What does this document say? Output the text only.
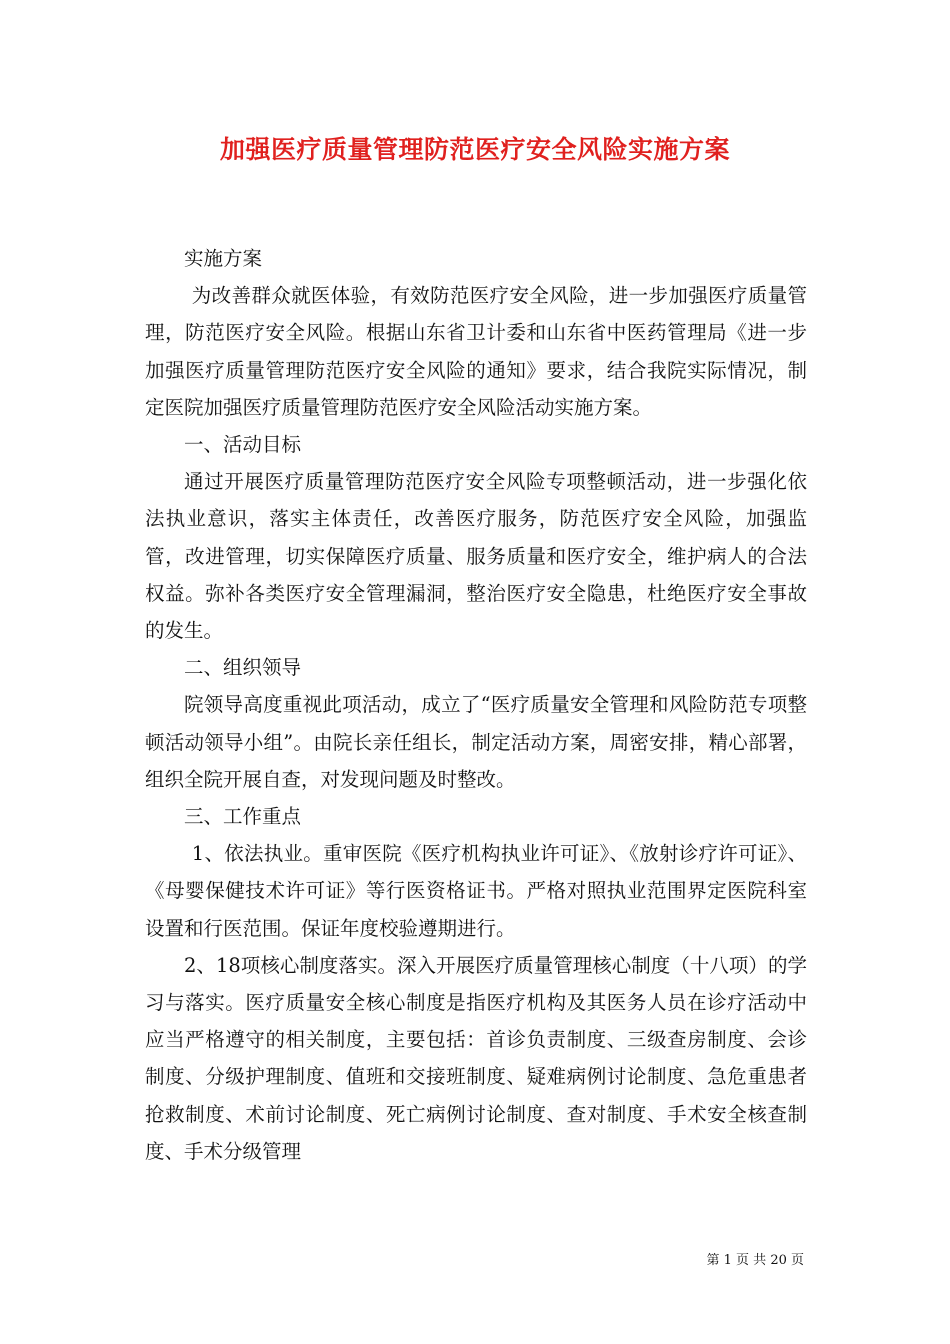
加强医疗质量管理防范医疗安全风险实施方案

实施方案

为改善群众就医体验，有效防范医疗安全风险，进一步加强医疗质量管理，防范医疗安全风险。根据山东省卫计委和山东省中医药管理局《进一步加强医疗质量管理防范医疗安全风险的通知》要求，结合我院实际情况，制定医院加强医疗质量管理防范医疗安全风险活动实施方案。

一、活动目标

通过开展医疗质量管理防范医疗安全风险专项整顿活动，进一步强化依法执业意识，落实主体责任，改善医疗服务，防范医疗安全风险，加强监管，改进管理，切实保障医疗质量、服务质量和医疗安全，维护病人的合法权益。弥补各类医疗安全管理漏洞，整治医疗安全隐患，杜绝医疗安全事故的发生。

二、组织领导

院领导高度重视此项活动，成立了“医疗质量安全管理和风险防范专项整顿活动领导小组”。由院长亲任组长，制定活动方案，周密安排，精心部署，组织全院开展自查，对发现问题及时整改。

三、工作重点

1、依法执业。重审医院《医疗机构执业许可证》、《放射诊疗许可证》、《母婴保健技术许可证》等行医资格证书。严格对照执业范围界定医院科室设置和行医范围。保证年度校验遵期进行。

2、18项核心制度落实。深入开展医疗质量管理核心制度（十八项）的学习与落实。医疗质量安全核心制度是指医疗机构及其医务人员在诊疗活动中应当严格遵守的相关制度，主要包括：首诊负责制度、三级查房制度、会诊制度、分级护理制度、值班和交接班制度、疑难病例讨论制度、急危重患者抢救制度、术前讨论制度、死亡病例讨论制度、查对制度、手术安全核查制度、手术分级管理

第 1 页 共 20 页
